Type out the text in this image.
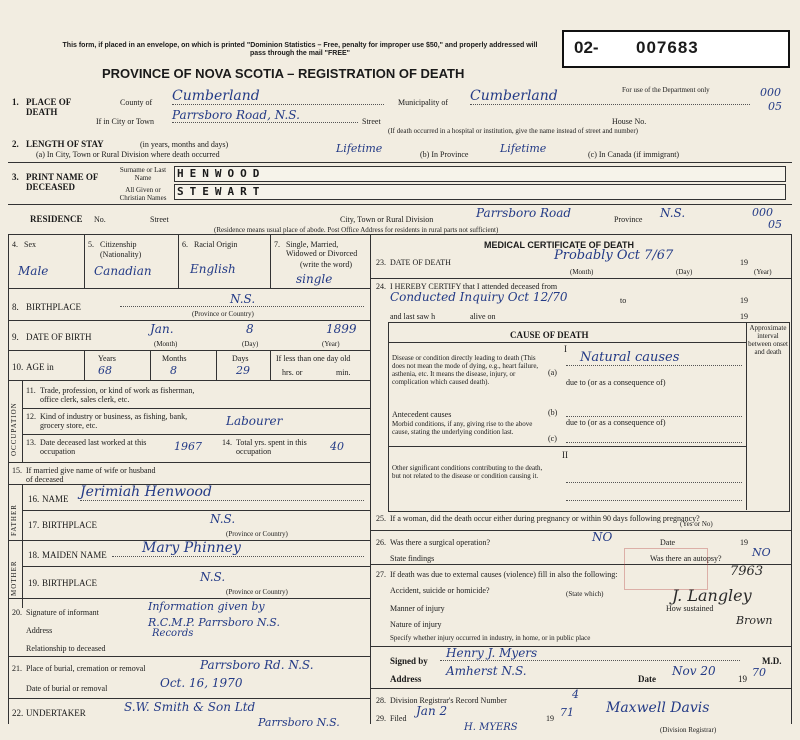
This form, if placed in an envelope, on which is printed "Dominion Statistics – Free, penalty for improper use $50," and properly addressed will pass through the mail "FREE"
PROVINCE OF NOVA SCOTIA – REGISTRATION OF DEATH
02- 007683
For use of the Department only	000
05
1. PLACE OF DEATH
County of Cumberland	Municipality of Cumberland
If in City or Town Parrsboro Road, N.S.	Street	House No.
(If death occurred in a hospital or institution, give the name instead of street and number)
2. LENGTH OF STAY	(in years, months and days)
(a) In City, Town or Rural Division where death occurred	Lifetime	(b) In Province	Lifetime	(c) In Canada (if immigrant)
3. PRINT NAME OF DECEASED
Surname or Last Name
All Given or Christian Names
HENWOOD
STEWART
RESIDENCE No.	Street	City, Town or Rural Division	Parrsboro Road	Province N.S.	000
05
(Residence means usual place of abode. Post Office Address for residents in rural parts not sufficient)
4. Sex
Male
5. Citizenship
(Nationality)
Canadian
6. Racial Origin
English
7. Single, Married, Widowed or Divorced
(write the word)
single
8. BIRTHPLACE
N.S.
(Province or Country)
9. DATE OF BIRTH
Jan.	8	1899
(Month)	(Day)	(Year)
10. AGE in
Years	Months	Days
68	8	29
If less than one day old
hrs. or	min.
OCCUPATION
11. Trade, profession, or kind of work as fisherman, office clerk, sales clerk, etc.
12. Kind of industry or business, as fishing, bank, grocery store, etc.	Labourer
13. Date deceased last worked at this occupation	1967	14. Total yrs. spent in this occupation	40
15. If married give name of wife or husband of deceased
FATHER
MOTHER
16. NAME Jerimiah Henwood
17. BIRTHPLACE	N.S.
(Province or Country)
18. MAIDEN NAME	Mary Phinney
19. BIRTHPLACE	N.S.
(Province or Country)
20. Signature of informant	Information given by
Address
R.C.M.P. Parrsboro N.S.
Records
Relationship to deceased
21. Place of burial, cremation or removal	Parrsboro Rd. N.S.
Date of burial or removal	Oct. 16, 1970
22. UNDERTAKER	S.W. Smith & Son Ltd
Parrsboro N.S.
MEDICAL CERTIFICATE OF DEATH
23. DATE OF DEATH	Probably Oct 7/67	19
(Month)	(Day)	(Year)
24. I HEREBY CERTIFY that I attended deceased from
Conducted Inquiry Oct 12/70	to	19
and last saw h	alive on	19
CAUSE OF DEATH
Approximate interval between onset and death
I
Disease or condition directly leading to death (This does not mean the mode of dying, e.g., heart failure, asthenia, etc. It means the disease, injury, or complication which caused death).
(a)
Natural causes
due to (or as a consequence of)
Antecedent causes
Morbid conditions, if any, giving rise to the above cause, stating the underlying condition last.
(b)
due to (or as a consequence of)
(c)
II
Other significant conditions contributing to the death, but not related to the disease or condition causing it.
25. If a woman, did the death occur either during pregnancy or within 90 days following pregnancy?
(Yes or No)
26. Was there a surgical operation?	NO	Date	19
State findings	Was there an autopsy?	NO
27. If death was due to external causes (violence) fill in also the following:	7963
Accident, suicide or homicide?	(State which)
Manner of injury	How sustained
J. Langley
Nature of injury	Brown
Specify whether injury occurred in industry, in home, or in public place
Signed by
Henry J. Myers
M.D.
Address
Amherst N.S.
Date
Nov 20
19 70
28. Division Registrar's Record Number	4
29. Filed
Jan 2
19 71 Maxwell Davis
(Division Registrar)
H. MYERS
